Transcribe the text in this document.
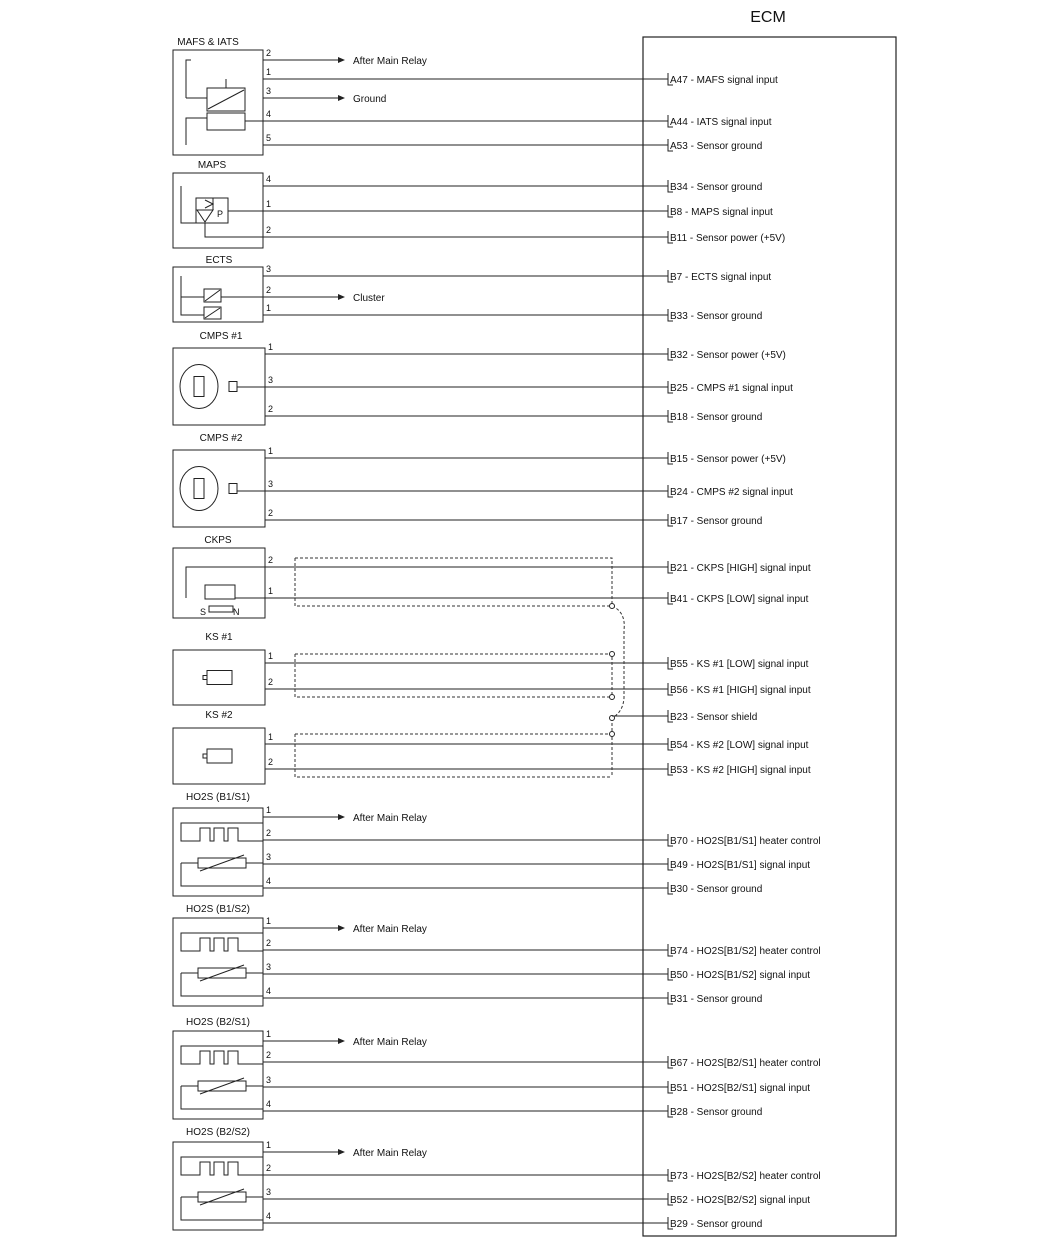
ECM
MAFS & IATS
2
After Main Relay
1
A47 - MAFS signal input
3
Ground
4
A44 - IATS signal input
5
A53 - Sensor ground
MAPS
P
4
B34 - Sensor ground
1
B8 - MAPS signal input
2
B11 - Sensor power (+5V)
ECTS
3
B7 - ECTS signal input
2
Cluster
1
B33 - Sensor ground
CMPS #1
1
B32 - Sensor power (+5V)
3
B25 - CMPS #1 signal input
2
B18 - Sensor ground
CMPS #2
1
B15 - Sensor power (+5V)
3
B24 - CMPS #2 signal input
2
B17 - Sensor ground
CKPS
S   N
2
B21 - CKPS [HIGH] signal input
1
B41 - CKPS [LOW] signal input
KS #1
1
B55 - KS #1 [LOW] signal input
2
B56 - KS #1 [HIGH] signal input
B23 - Sensor shield
KS #2
1
B54 - KS #2 [LOW] signal input
2
B53 - KS #2 [HIGH] signal input
HO2S (B1/S1)
1
After Main Relay
2
B70 - HO2S[B1/S1] heater control
3
B49 - HO2S[B1/S1] signal input
4
B30 - Sensor ground
HO2S (B1/S2)
1
After Main Relay
2
B74 - HO2S[B1/S2] heater control
3
B50 - HO2S[B1/S2] signal input
4
B31 - Sensor ground
HO2S (B2/S1)
1
After Main Relay
2
B67 - HO2S[B2/S1] heater control
3
B51 - HO2S[B2/S1] signal input
4
B28 - Sensor ground
HO2S (B2/S2)
1
After Main Relay
2
B73 - HO2S[B2/S2] heater control
3
B52 - HO2S[B2/S2] signal input
4
B29 - Sensor ground
